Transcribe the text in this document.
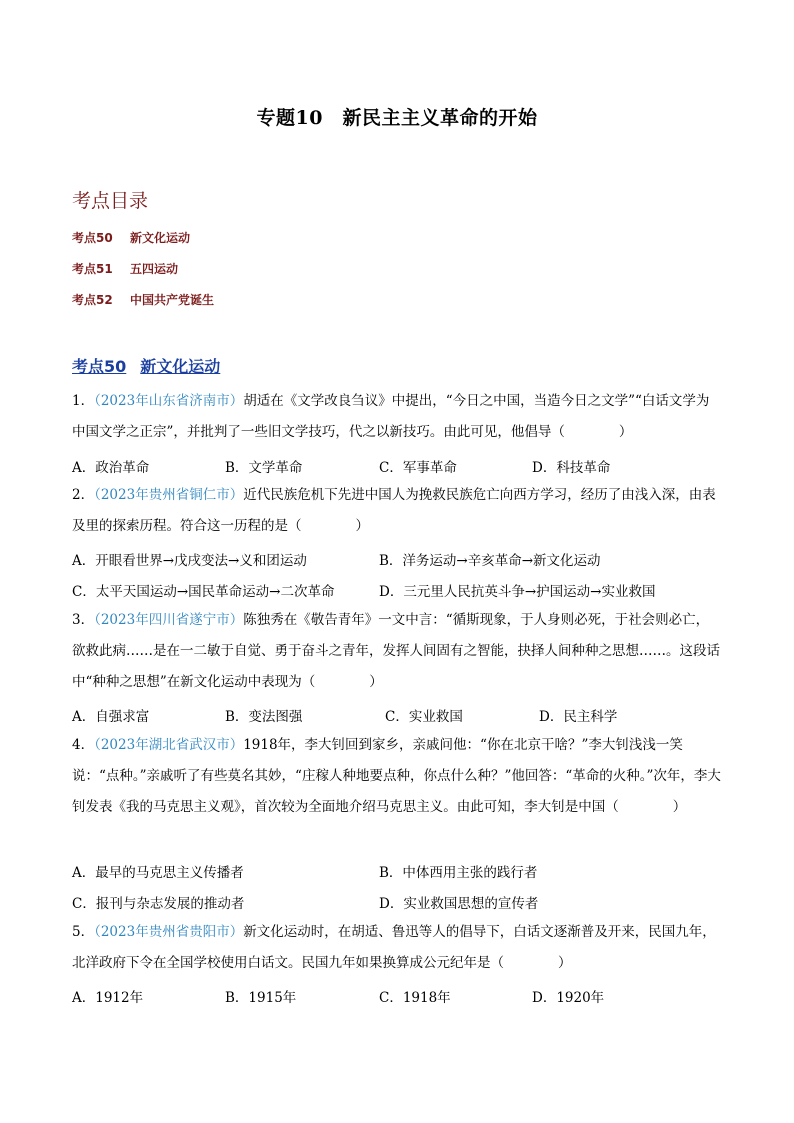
专题10　新民主主义革命的开始
考点目录
考点50 新文化运动
考点51 五四运动
考点52 中国共产党诞生
考点50 新文化运动
1．（2023年山东省济南市）胡适在《文学改良刍议》中提出，“今日之中国，当造今日之文学”“白话文学为中国文学之正宗”，并批判了一些旧文学技巧，代之以新技巧。由此可见，他倡导（　　　　）
A．政治革命	B．文学革命	C．军事革命	D．科技革命
2．（2023年贵州省铜仁市）近代民族危机下先进中国人为挽救民族危亡向西方学习，经历了由浅入深，由表及里的探索历程。符合这一历程的是（　　　　）
A．开眼看世界→戊戌变法→义和团运动	B．洋务运动→辛亥革命→新文化运动
C．太平天国运动→国民革命运动→二次革命	D．三元里人民抗英斗争→护国运动→实业救国
3．（2023年四川省遂宁市）陈独秀在《敬告青年》一文中言：“循斯现象，于人身则必死，于社会则必亡，欲救此病……是在一二敏于自觉、勇于奋斗之青年，发挥人间固有之智能，抉择人间种种之思想……。这段话中“种种之思想”在新文化运动中表现为（　　　　）
A．自强求富	B．变法图强	C．实业救国	D．民主科学
4．（2023年湖北省武汉市）1918年，李大钊回到家乡，亲戚问他：“你在北京干啥？”李大钊浅浅一笑说：“点种。”亲戚听了有些莫名其妙，“庄稼人种地要点种，你点什么种？”他回答：“革命的火种。”次年，李大钊发表《我的马克思主义观》，首次较为全面地介绍马克思主义。由此可知，李大钊是中国（　　　　）
A．最早的马克思主义传播者	B．中体西用主张的践行者
C．报刊与杂志发展的推动者	D．实业救国思想的宣传者
5．（2023年贵州省贵阳市）新文化运动时，在胡适、鲁迅等人的倡导下，白话文逐渐普及开来，民国九年，北洋政府下令在全国学校使用白话文。民国九年如果换算成公元纪年是（　　　　）
A．1912年	B．1915年	C．1918年	D．1920年
